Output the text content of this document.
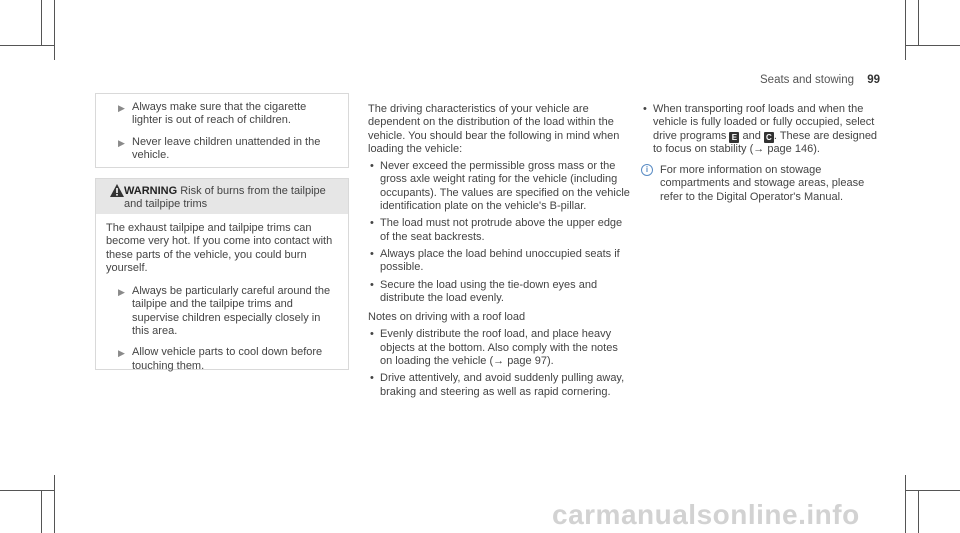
Seats and stowing 99
▶ Always make sure that the cigarette lighter is out of reach of children.
▶ Never leave children unattended in the vehicle.
WARNING Risk of burns from the tailpipe and tailpipe trims

The exhaust tailpipe and tailpipe trims can become very hot. If you come into contact with these parts of the vehicle, you could burn yourself.

▶ Always be particularly careful around the tailpipe and the tailpipe trims and supervise children especially closely in this area.
▶ Allow vehicle parts to cool down before touching them.

The driving characteristics of your vehicle are dependent on the distribution of the load within the vehicle. You should bear the following in mind when loading the vehicle:

• Never exceed the permissible gross mass or the gross axle weight rating for the vehicle (including occupants). The values are specified on the vehicle identification plate on the vehicle's B-pillar.
• The load must not protrude above the upper edge of the seat backrests.
• Always place the load behind unoccupied seats if possible.
• Secure the load using the tie-down eyes and distribute the load evenly.

Notes on driving with a roof load

• Evenly distribute the roof load, and place heavy objects at the bottom. Also comply with the notes on loading the vehicle (→ page 97).
• Drive attentively, and avoid suddenly pulling away, braking and steering as well as rapid cornering.
• When transporting roof loads and when the vehicle is fully loaded or fully occupied, select drive programs E and C . These are designed to focus on stability (→ page 146).
i	For more information on stowage compartments and stowage areas, please refer to the Digital Operator's Manual.
carmanualsonline.info
